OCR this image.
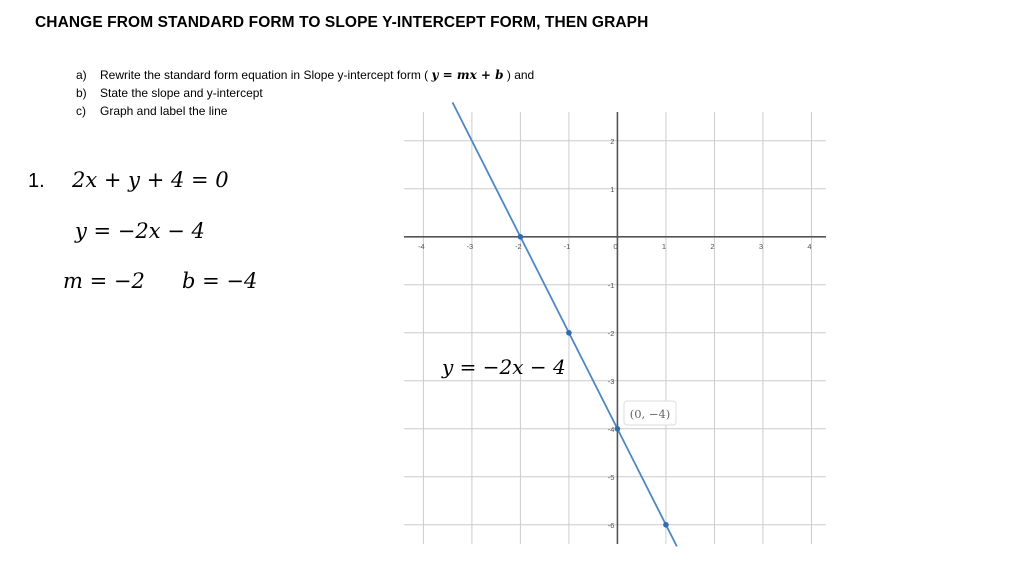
CHANGE FROM STANDARD FORM TO SLOPE Y-INTERCEPT FORM, THEN GRAPH
a)	Rewrite the standard form equation in Slope y-intercept form ( y = mx + b ) and
b)	State the slope and y-intercept
c)	Graph and label the line
1. 2x + y + 4 = 0
y = −2x − 4
m = −2 b = −4
-4	-3	-2	-1	0	1	2	3	4
-6
-5
-4
-3
-2
-1
1
2
y = −2x − 4
(0, −4)
